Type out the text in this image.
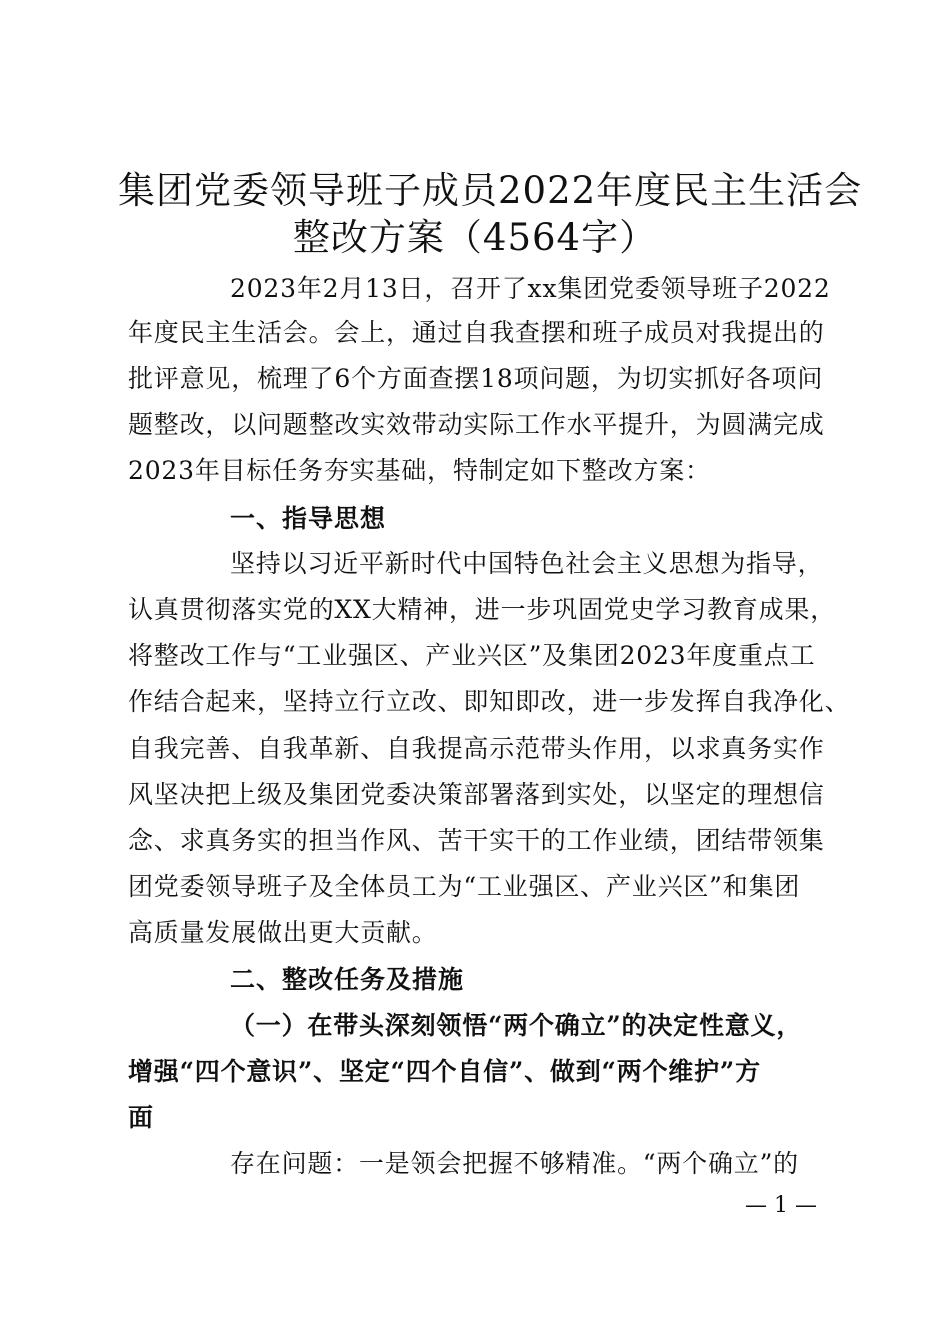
集团党委领导班子成员2022年度民主生活会
整改方案（4564字）
2023年2月13日，召开了xx集团党委领导班子2022
年度民主生活会。会上，通过自我查摆和班子成员对我提出的
批评意见，梳理了6个方面查摆18项问题，为切实抓好各项问
题整改，以问题整改实效带动实际工作水平提升，为圆满完成
2023年目标任务夯实基础，特制定如下整改方案：
一、指导思想
坚持以习近平新时代中国特色社会主义思想为指导，
认真贯彻落实党的XX大精神，进一步巩固党史学习教育成果，
将整改工作与“工业强区、产业兴区”及集团2023年度重点工
作结合起来，坚持立行立改、即知即改，进一步发挥自我净化、
自我完善、自我革新、自我提高示范带头作用，以求真务实作
风坚决把上级及集团党委决策部署落到实处，以坚定的理想信
念、求真务实的担当作风、苦干实干的工作业绩，团结带领集
团党委领导班子及全体员工为“工业强区、产业兴区”和集团
高质量发展做出更大贡献。
二、整改任务及措施
（一）在带头深刻领悟“两个确立”的决定性意义，
增强“四个意识”、坚定“四个自信”、做到“两个维护”方
面
存在问题：一是领会把握不够精准。“两个确立”的
— 1 —
